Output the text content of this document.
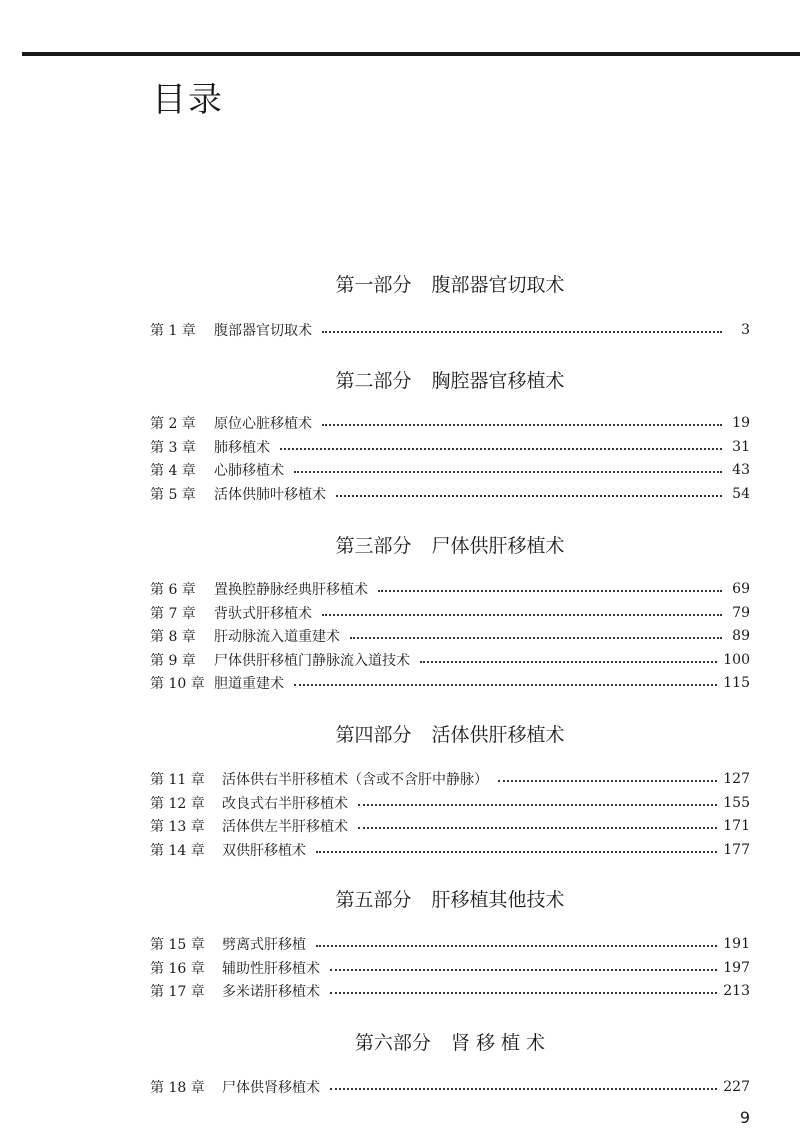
目录
第一部分 腹部器官切取术
第 1 章	腹部器官切取术	3
第二部分 胸腔器官移植术
第 2 章	原位心脏移植术	19
第 3 章	肺移植术	31
第 4 章	心肺移植术	43
第 5 章	活体供肺叶移植术	54
第三部分 尸体供肝移植术
第 6 章	置换腔静脉经典肝移植术	69
第 7 章	背驮式肝移植术	79
第 8 章	肝动脉流入道重建术	89
第 9 章	尸体供肝移植门静脉流入道技术	100
第 10 章 胆道重建术	115
第四部分 活体供肝移植术
第 11 章	活体供右半肝移植术（含或不含肝中静脉）	127
第 12 章	改良式右半肝移植术	155
第 13 章	活体供左半肝移植术	171
第 14 章	双供肝移植术	177
第五部分 肝移植其他技术
第 15 章	劈离式肝移植	191
第 16 章	辅助性肝移植术	197
第 17 章	多米诺肝移植术	213
第六部分 肾 移 植 术
第 18 章	尸体供肾移植术	227
9
